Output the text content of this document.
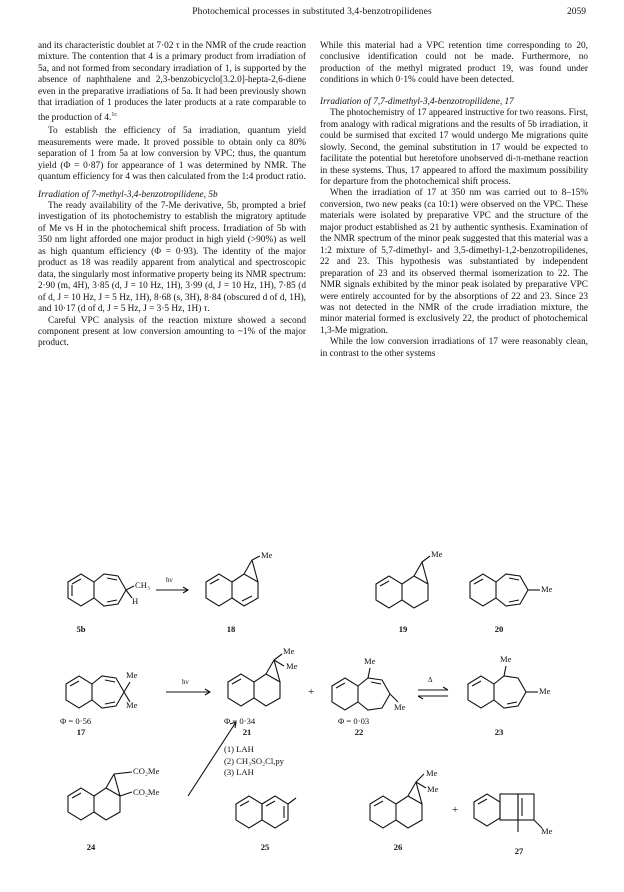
Photochemical processes in substituted 3,4-benzotropilidenes	2059

and its characteristic doublet at 7·02 τ in the NMR of the crude reaction mixture. The contention that 4 is a primary product from irradiation of 5a, and not formed from secondary irradiation of 1, is supported by the absence of naphthalene and 2,3-benzobicyclo[3.2.0]-hepta-2,6-diene even in the preparative irradiations of 5a. It had been previously shown that irradiation of 1 produces the later products at a rate comparable to the production of 4.$^{1c}$

To establish the efficiency of 5a irradiation, quantum yield measurements were made. It proved possible to obtain only ca 80% separation of 1 from 5a at low conversion by VPC; thus, the quantum yield (Φ = 0·87) for appearance of 1 was determined by NMR. The quantum efficiency for 4 was then calculated from the 1:4 product ratio.

Irradiation of 7-methyl-3,4-benzotropilidene, 5b

The ready availability of the 7-Me derivative, 5b, prompted a brief investigation of its photochemistry to establish the migratory aptitude of Me vs H in the photochemical shift process. Irradiation of 5b with 350 nm light afforded one major product in high yield (>90%) as well as high quantum efficiency (Φ = 0·93). The identity of the major product as 18 was readily apparent from analytical and spectroscopic data, the singularly most informative property being its NMR spectrum: 2·90 (m, 4H), 3·85 (d, J = 10 Hz, 1H), 3·99 (d, J = 10 Hz, 1H), 7·85 (d of d, J = 10 Hz, J = 5 Hz, 1H), 8·68 (s, 3H), 8·84 (obscured d of d, 1H), and 10·17 (d of d, J = 5 Hz, J = 3·5 Hz, 1H) τ.

Careful VPC analysis of the reaction mixture showed a second component present at low conversion amounting to ~1% of the major product.

While this material had a VPC retention time corresponding to 20, conclusive identification could not be made. Furthermore, no production of the methyl migrated product 19, was found under conditions in which 0·1% could have been detected.

Irradiation of 7,7-dimethyl-3,4-benzotropilidene, 17

The photochemistry of 17 appeared instructive for two reasons. First, from analogy with radical migrations and the results of 5b irradiation, it could be surmised that excited 17 would undergo Me migrations quite slowly. Second, the geminal substitution in 17 would be expected to facilitate the potential but heretofore unobserved di-π-methane reaction in these systems. Thus, 17 appeared to afford the maximum possibility for departure from the photochemical shift process.

When the irradiation of 17 at 350 nm was carried out to 8–15% conversion, two new peaks (ca 10:1) were observed on the VPC. These materials were isolated by preparative VPC and the structure of the major product established as 21 by authentic synthesis. Examination of the NMR spectrum of the minor peak suggested that this material was a 1:2 mixture of 5,7-dimethyl- and 3,5-dimethyl-1,2-benzotropilidenes, 22 and 23. This hypothesis was substantiated by independent preparation of 23 and its observed thermal isomerization to 22. The NMR signals exhibited by the minor peak isolated by preparative VPC were entirely accounted for by the absorptions of 22 and 23. Since 23 was not detected in the NMR of the crude irradiation mixture, the minor material formed is exclusively 22, the product of photochemical 1,3-Me migration.

While the low conversion irradiations of 17 were reasonably clean, in contrast to the other systems

CH₃
H
hν
Me	Me
Me
5b	18	19	20
Me
Me
hν
Me
Me
+
Me
Me
Δ
Me
Me
Φ = 0·56
17
Φ = 0·34
21
Φ = 0·03
22	23
(1) LAH
(2) CH₃SO₂Cl,py
(3) LAH
CO₂Me
CO₂Me
Me
Me
+
Me
24	25	26	27
